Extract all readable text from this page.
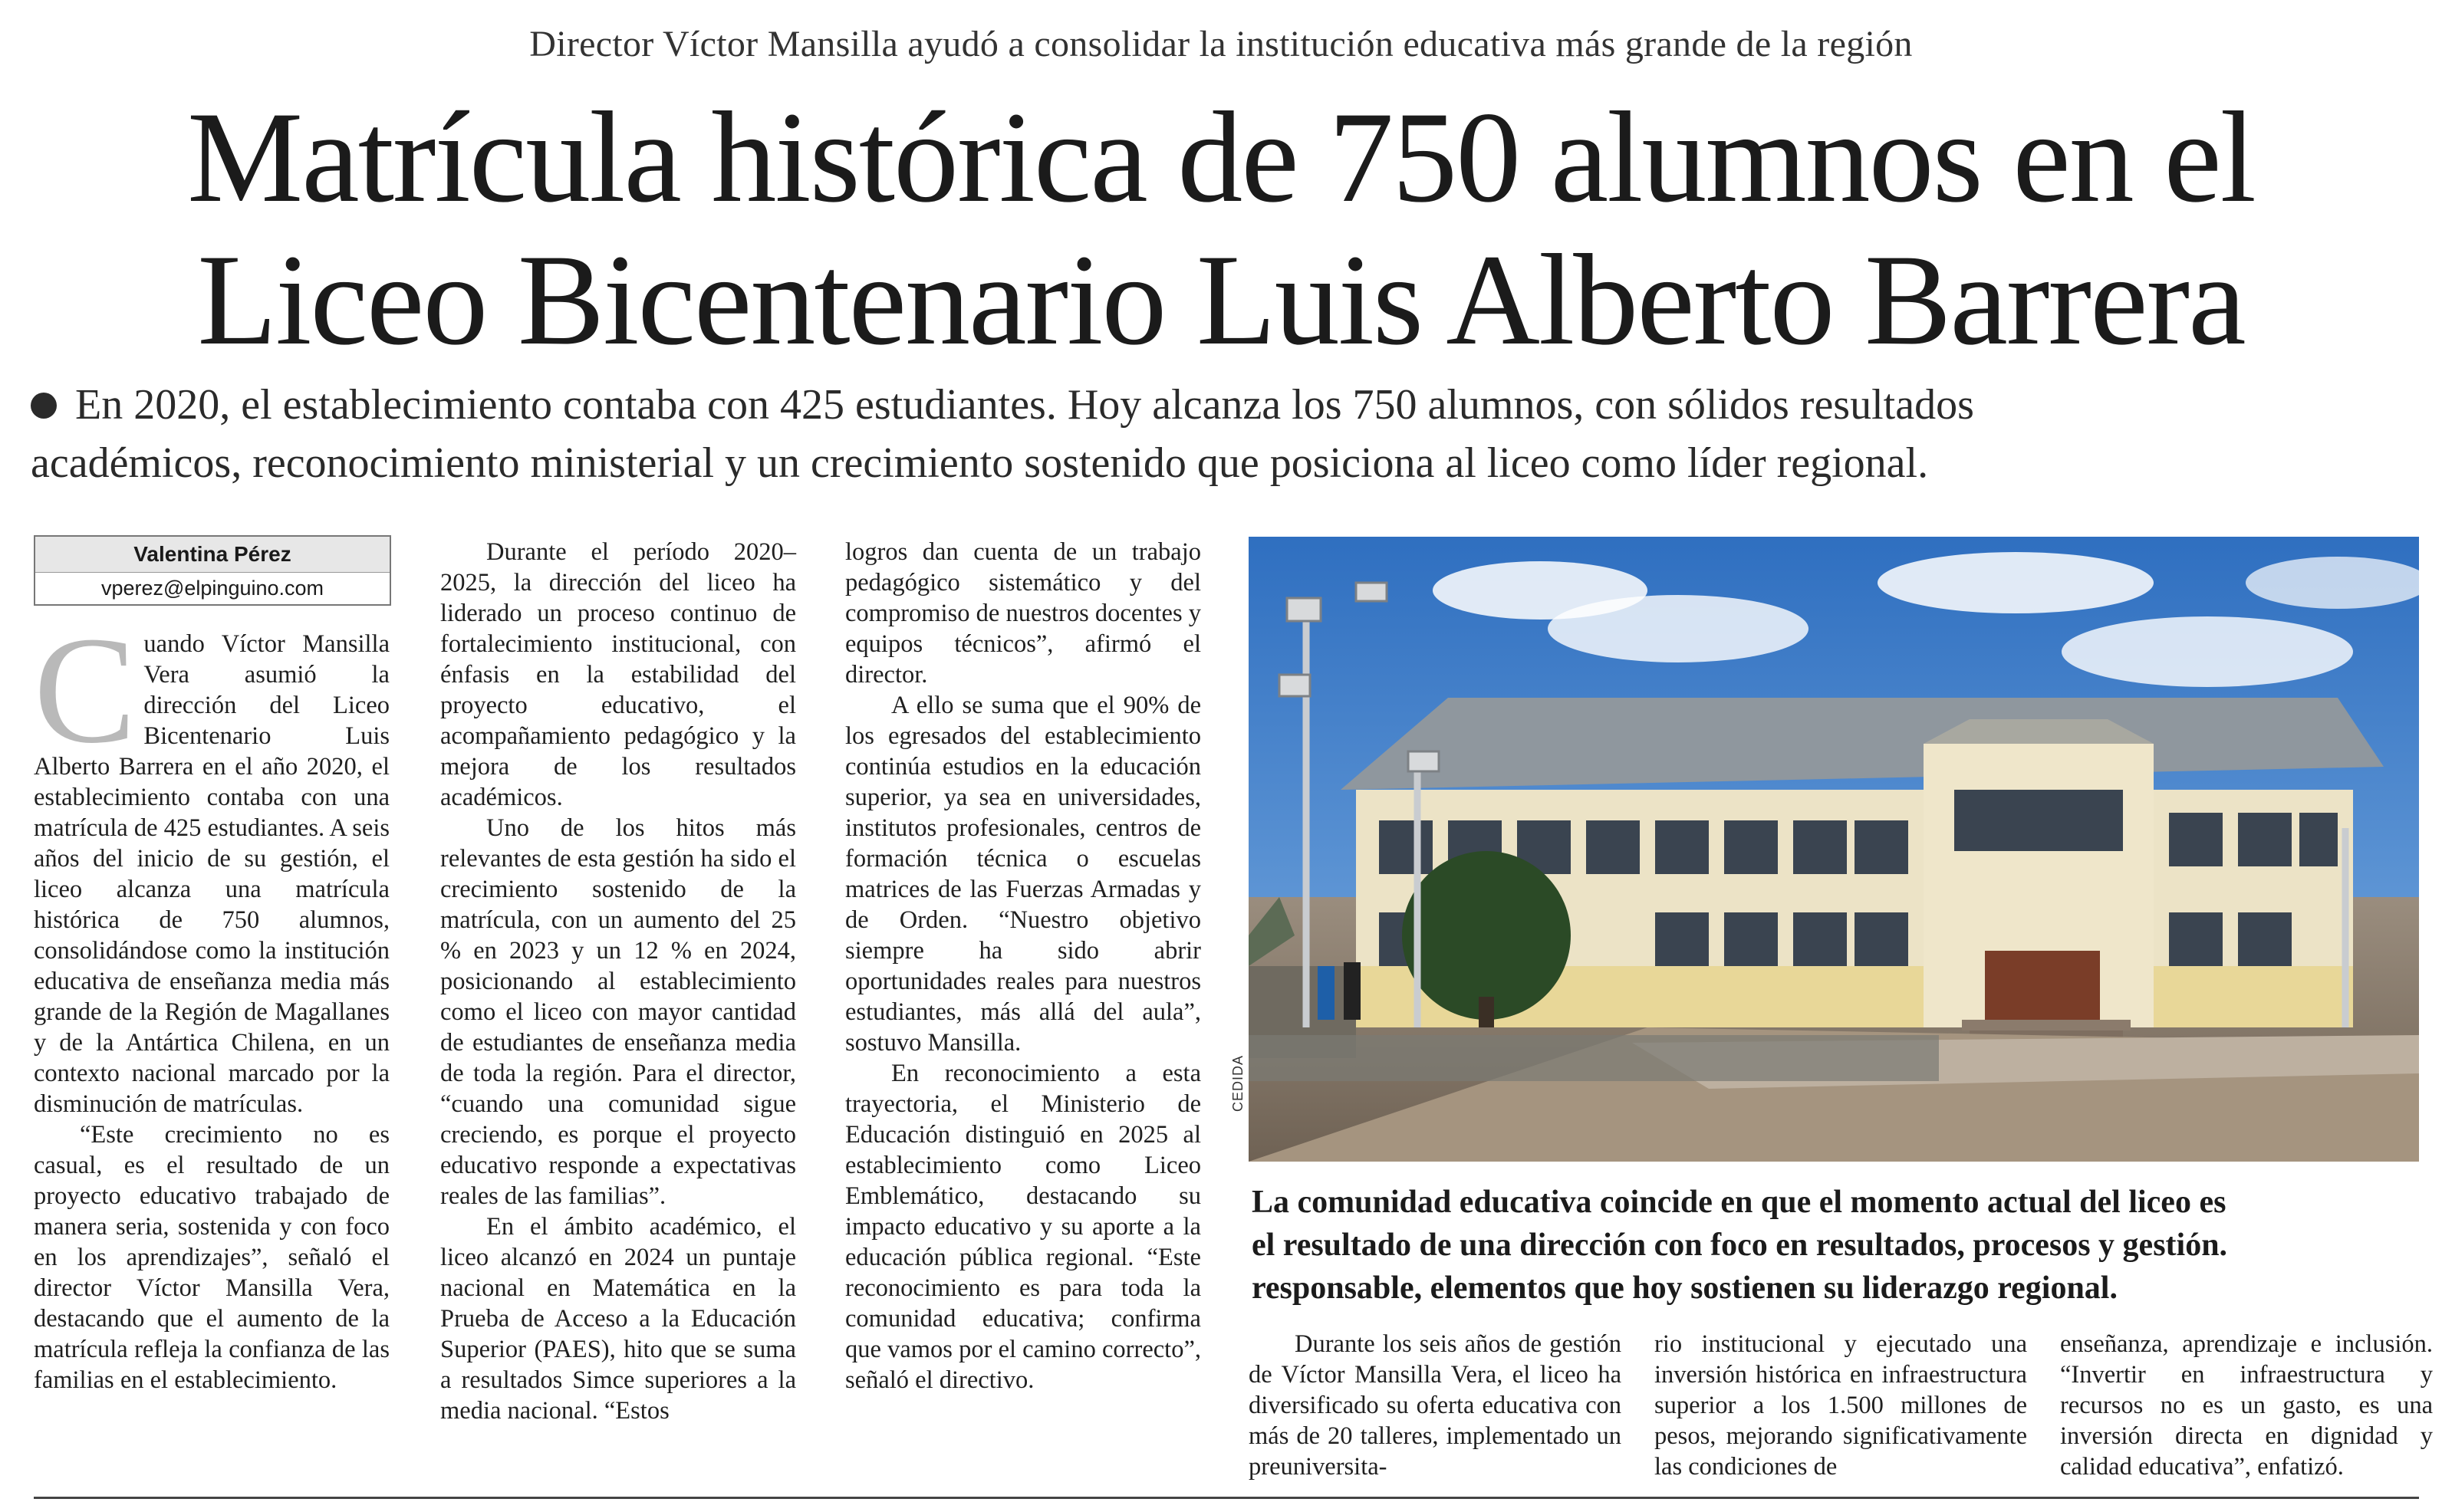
Director Víctor Mansilla ayudó a consolidar la institución educativa más grande de la región
Matrícula histórica de 750 alumnos en el
Liceo Bicentenario Luis Alberto Barrera
En 2020, el establecimiento contaba con 425 estudiantes. Hoy alcanza los 750 alumnos, con sólidos resultados
académicos, reconocimiento ministerial y un crecimiento sostenido que posiciona al liceo como líder regional.
Valentina Pérez
vperez@elpinguino.com

Cuando Víctor Mansilla Vera asumió la dirección del Liceo Bicentenario Luis Alberto Barrera en el año 2020, el establecimiento contaba con una matrícula de 425 estudiantes. A seis años del inicio de su gestión, el liceo alcanza una matrícula histórica de 750 alumnos, consolidándose como la institución educativa de enseñanza media más grande de la Región de Magallanes y de la Antártica Chilena, en un contexto nacional marcado por la disminución de matrículas.

“Este crecimiento no es casual, es el resultado de un proyecto educativo trabajado de manera seria, sostenida y con foco en los aprendizajes”, señaló el director Víctor Mansilla Vera, destacando que el aumento de la matrícula refleja la confianza de las familias en el establecimiento.

Durante el período 2020–2025, la dirección del liceo ha liderado un proceso continuo de fortalecimiento institucional, con énfasis en la estabilidad del proyecto educativo, el acompañamiento pedagógico y la mejora de los resultados académicos.

Uno de los hitos más relevantes de esta gestión ha sido el crecimiento sostenido de la matrícula, con un aumento del 25 % en 2023 y un 12 % en 2024, posicionando al establecimiento como el liceo con mayor cantidad de estudiantes de enseñanza media de toda la región. Para el director, “cuando una comunidad sigue creciendo, es porque el proyecto educativo responde a expectativas reales de las familias”.

En el ámbito académico, el liceo alcanzó en 2024 un puntaje nacional en Matemática en la Prueba de Acceso a la Educación Superior (PAES), hito que se suma a resultados Simce superiores a la media nacional. “Estos

logros dan cuenta de un trabajo pedagógico sistemático y del compromiso de nuestros docentes y equipos técnicos”, afirmó el director.

A ello se suma que el 90% de los egresados del establecimiento continúa estudios en la educación superior, ya sea en universidades, institutos profesionales, centros de formación técnica o escuelas matrices de las Fuerzas Armadas y de Orden. “Nuestro objetivo siempre ha sido abrir oportunidades reales para nuestros estudiantes, más allá del aula”, sostuvo Mansilla.

En reconocimiento a esta trayectoria, el Ministerio de Educación distinguió en 2025 al establecimiento como Liceo Emblemático, destacando su impacto educativo y su aporte a la educación pública regional. “Este reconocimiento es para toda la comunidad educativa; confirma que vamos por el camino correcto”, señaló el directivo.

CEDIDA
La comunidad educativa coincide en que el momento actual del liceo es
el resultado de una dirección con foco en resultados, procesos y gestión.
responsable, elementos que hoy sostienen su liderazgo regional.

Durante los seis años de gestión de Víctor Mansilla Vera, el liceo ha diversificado su oferta educativa con más de 20 talleres, implementado un preuniversita-

rio institucional y ejecutado una inversión histórica en infraestructura superior a los 1.500 millones de pesos, mejorando significativamente las condiciones de

enseñanza, aprendizaje e inclusión. “Invertir en infraestructura y recursos no es un gasto, es una inversión directa en dignidad y calidad educativa”, enfatizó.
